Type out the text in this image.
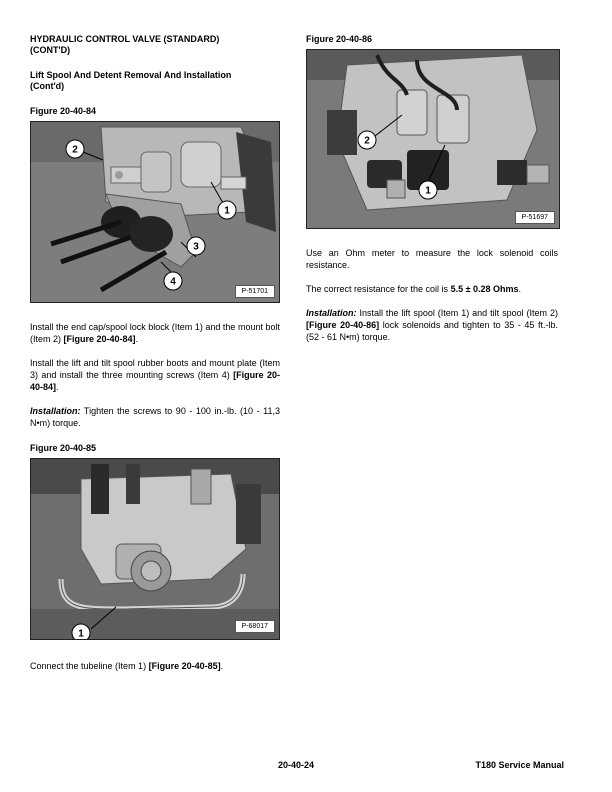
HYDRAULIC CONTROL VALVE (STANDARD)
(CONT'D)

Lift Spool And Detent Removal And Installation
(Cont'd)

Figure 20-40-84

2
1
3
4
P-51701

Install the end cap/spool lock block (Item 1) and the mount bolt (Item 2) [Figure 20-40-84].

Install the lift and tilt spool rubber boots and mount plate (Item 3) and install the three mounting screws (Item 4) [Figure 20-40-84].

Installation: Tighten the screws to 90 - 100 in.-lb. (10 - 11,3 N•m) torque.

Figure 20-40-85

1
P-68017

Connect the tubeline (Item 1) [Figure 20-40-85].

Figure 20-40-86

2
1
P-51697

Use an Ohm meter to measure the lock solenoid coils resistance.

The correct resistance for the coil is 5.5 ± 0.28 Ohms.

Installation: Install the lift spool (Item 1) and tilt spool (Item 2) [Figure 20-40-86] lock solenoids and tighten to 35 - 45 ft.-lb. (52 - 61 N•m) torque.

20-40-24	T180 Service Manual
